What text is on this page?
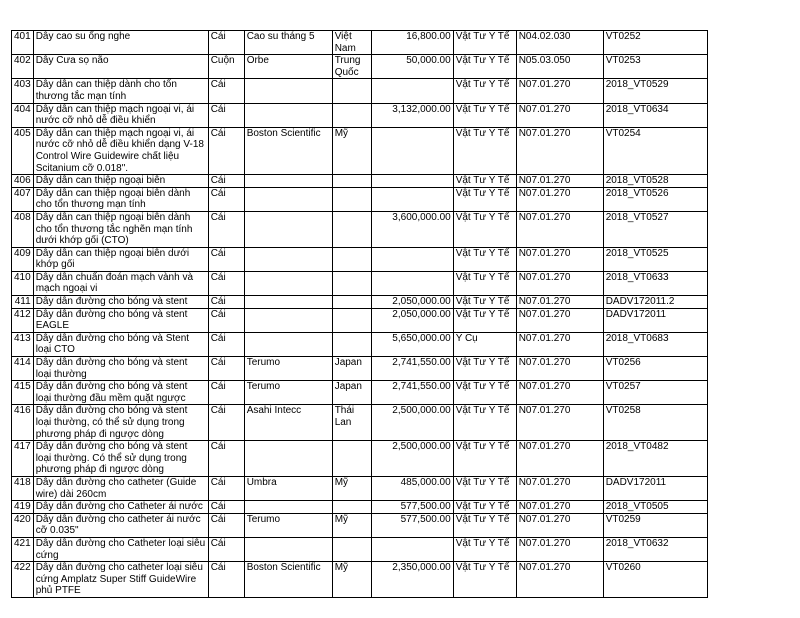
401	Dây cao su ống nghe	Cái	Cao su tháng 5	Việt Nam	16,800.00	Vật Tư Y Tế	N04.02.030	VT0252
402	Dây Cưa sọ não	Cuộn	Orbe	Trung Quốc	50,000.00	Vật Tư Y Tế	N05.03.050	VT0253
403	Dây dẫn can thiệp dành cho tổn thương tắc mạn tính	Cái				Vật Tư Y Tế	N07.01.270	2018_VT0529
404	Dây dẫn can thiệp mạch ngoại vi, ái nước cỡ nhỏ dễ điều khiển	Cái			3,132,000.00	Vật Tư Y Tế	N07.01.270	2018_VT0634
405	Dây dẫn can thiệp mạch ngoại vi, ái nước cỡ nhỏ dễ điều khiển dạng V-18 Control Wire Guidewire chất liệu Scitanium cỡ 0.018".	Cái	Boston Scientific	Mỹ		Vật Tư Y Tế	N07.01.270	VT0254
406	Dây dẫn can thiệp ngoại biên	Cái				Vật Tư Y Tế	N07.01.270	2018_VT0528
407	Dây dẫn can thiệp ngoại biên dành cho tổn thương mạn tính	Cái				Vật Tư Y Tế	N07.01.270	2018_VT0526
408	Dây dẫn can thiệp ngoại biên dành cho tổn thương tắc nghẽn mạn tính dưới khớp gối (CTO)	Cái			3,600,000.00	Vật Tư Y Tế	N07.01.270	2018_VT0527
409	Dây dẫn can thiệp ngoại biên dưới khớp gối	Cái				Vật Tư Y Tế	N07.01.270	2018_VT0525
410	Dây dẫn chuẩn đoán mạch vành và mạch ngoại vi	Cái				Vật Tư Y Tế	N07.01.270	2018_VT0633
411	Dây dẫn đường cho bóng và stent	Cái			2,050,000.00	Vật Tư Y Tế	N07.01.270	DADV172011.2
412	Dây dẫn đường cho bóng và stent EAGLE	Cái			2,050,000.00	Vật Tư Y Tế	N07.01.270	DADV172011
413	Dây dẫn đường cho bóng và Stent loại CTO	Cái			5,650,000.00	Y Cụ	N07.01.270	2018_VT0683
414	Dây dẫn đường cho bóng và stent loại thường	Cái	Terumo	Japan	2,741,550.00	Vật Tư Y Tế	N07.01.270	VT0256
415	Dây dẫn đường cho bóng và stent loại thường đầu mềm quặt ngược	Cái	Terumo	Japan	2,741,550.00	Vật Tư Y Tế	N07.01.270	VT0257
416	Dây dẫn đường cho bóng và stent loại thường, có thể sử dụng trong phương pháp đi ngược dòng	Cái	Asahi Intecc	Thái Lan	2,500,000.00	Vật Tư Y Tế	N07.01.270	VT0258
417	Dây dẫn đường cho bóng và stent loại thường. Có thể sử dụng trong phương pháp đi ngược dòng	Cái			2,500,000.00	Vật Tư Y Tế	N07.01.270	2018_VT0482
418	Dây dẫn đường cho catheter (Guide wire) dài 260cm	Cái	Umbra	Mỹ	485,000.00	Vật Tư Y Tế	N07.01.270	DADV172011
419	Dây dẫn đường cho Catheter ái nước	Cái			577,500.00	Vật Tư Y Tế	N07.01.270	2018_VT0505
420	Dây dẫn đường cho catheter ái nước cỡ 0.035"	Cái	Terumo	Mỹ	577,500.00	Vật Tư Y Tế	N07.01.270	VT0259
421	Dây dẫn đường cho Catheter loại siêu cứng	Cái				Vật Tư Y Tế	N07.01.270	2018_VT0632
422	Dây dẫn đường cho catheter loại siêu cứng Amplatz Super Stiff GuideWire phủ PTFE	Cái	Boston Scientific	Mỹ	2,350,000.00	Vật Tư Y Tế	N07.01.270	VT0260
